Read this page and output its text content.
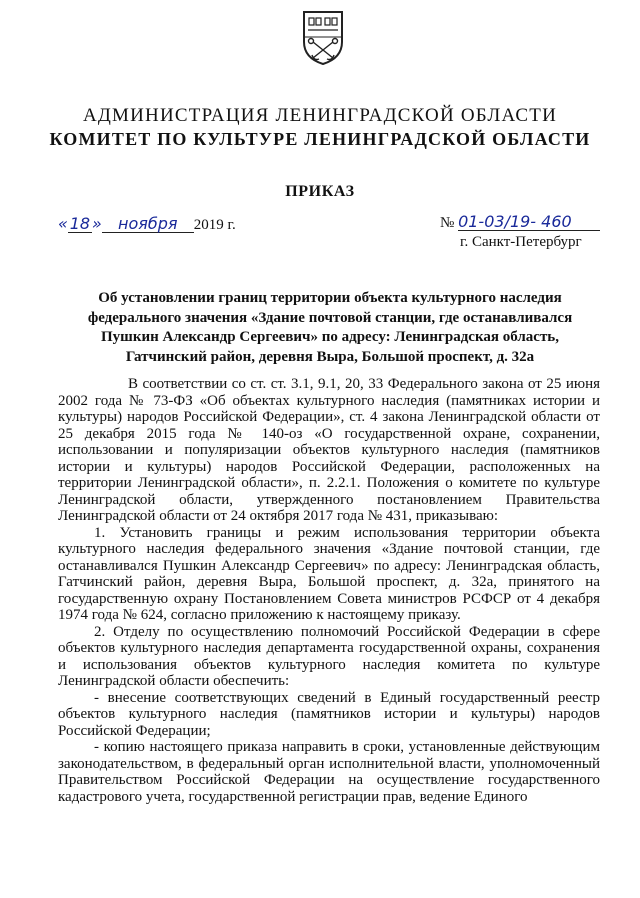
АДМИНИСТРАЦИЯ ЛЕНИНГРАДСКОЙ ОБЛАСТИ
КОМИТЕТ ПО КУЛЬТУРЕ ЛЕНИНГРАДСКОЙ ОБЛАСТИ
ПРИКАЗ
« 18 » ноября 2019 г.	№ 01-03/19- 460
г. Санкт-Петербург
Об установлении границ территории объекта культурного наследия федерального значения «Здание почтовой станции, где останавливался Пушкин Александр Сергеевич» по адресу: Ленинградская область, Гатчинский район, деревня Выра, Большой проспект, д. 32а

В соответствии со ст. ст. 3.1, 9.1, 20, 33 Федерального закона от 25 июня 2002 года № 73-ФЗ «Об объектах культурного наследия (памятниках истории и культуры) народов Российской Федерации», ст. 4 закона Ленинградской области от 25 декабря 2015 года № 140-оз «О государственной охране, сохранении, использовании и популяризации объектов культурного наследия (памятников истории и культуры) народов Российской Федерации, расположенных на территории Ленинградской области», п. 2.2.1. Положения о комитете по культуре Ленинградской области, утвержденного постановлением Правительства Ленинградской области от 24 октября 2017 года № 431, приказываю:

1. Установить границы и режим использования территории объекта культурного наследия федерального значения «Здание почтовой станции, где останавливался Пушкин Александр Сергеевич» по адресу: Ленинградская область, Гатчинский район, деревня Выра, Большой проспект, д. 32а, принятого на государственную охрану Постановлением Совета министров РСФСР от 4 декабря 1974 года № 624, согласно приложению к настоящему приказу.

2. Отделу по осуществлению полномочий Российской Федерации в сфере объектов культурного наследия департамента государственной охраны, сохранения и использования объектов культурного наследия комитета по культуре Ленинградской области обеспечить:

- внесение соответствующих сведений в Единый государственный реестр объектов культурного наследия (памятников истории и культуры) народов Российской Федерации;

- копию настоящего приказа направить в сроки, установленные действующим законодательством, в федеральный орган исполнительной власти, уполномоченный Правительством Российской Федерации на осуществление государственного кадастрового учета, государственной регистрации прав, ведение Единого
